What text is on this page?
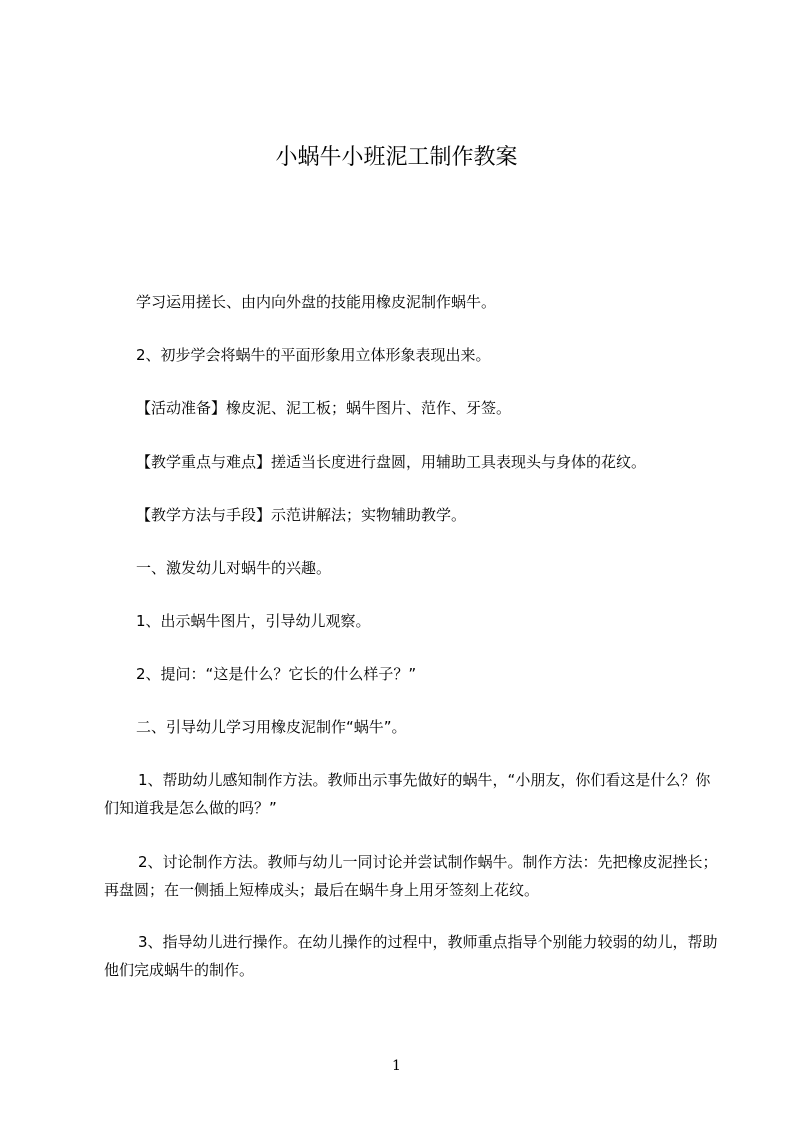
小蜗牛小班泥工制作教案

学习运用搓长、由内向外盘的技能用橡皮泥制作蜗牛。

2、初步学会将蜗牛的平面形象用立体形象表现出来。

【活动准备】橡皮泥、泥工板；蜗牛图片、范作、牙签。

【教学重点与难点】搓适当长度进行盘圆，用辅助工具表现头与身体的花纹。

【教学方法与手段】示范讲解法；实物辅助教学。

一、激发幼儿对蜗牛的兴趣。

1、出示蜗牛图片，引导幼儿观察。

2、提问：“这是什么？它长的什么样子？”

二、引导幼儿学习用橡皮泥制作“蜗牛”。

1、帮助幼儿感知制作方法。教师出示事先做好的蜗牛，“小朋友，你们看这是什么？你们知道我是怎么做的吗？”

2、讨论制作方法。教师与幼儿一同讨论并尝试制作蜗牛。制作方法：先把橡皮泥挫长；再盘圆；在一侧插上短棒成头；最后在蜗牛身上用牙签刻上花纹。

3、指导幼儿进行操作。在幼儿操作的过程中，教师重点指导个别能力较弱的幼儿，帮助他们完成蜗牛的制作。

1
